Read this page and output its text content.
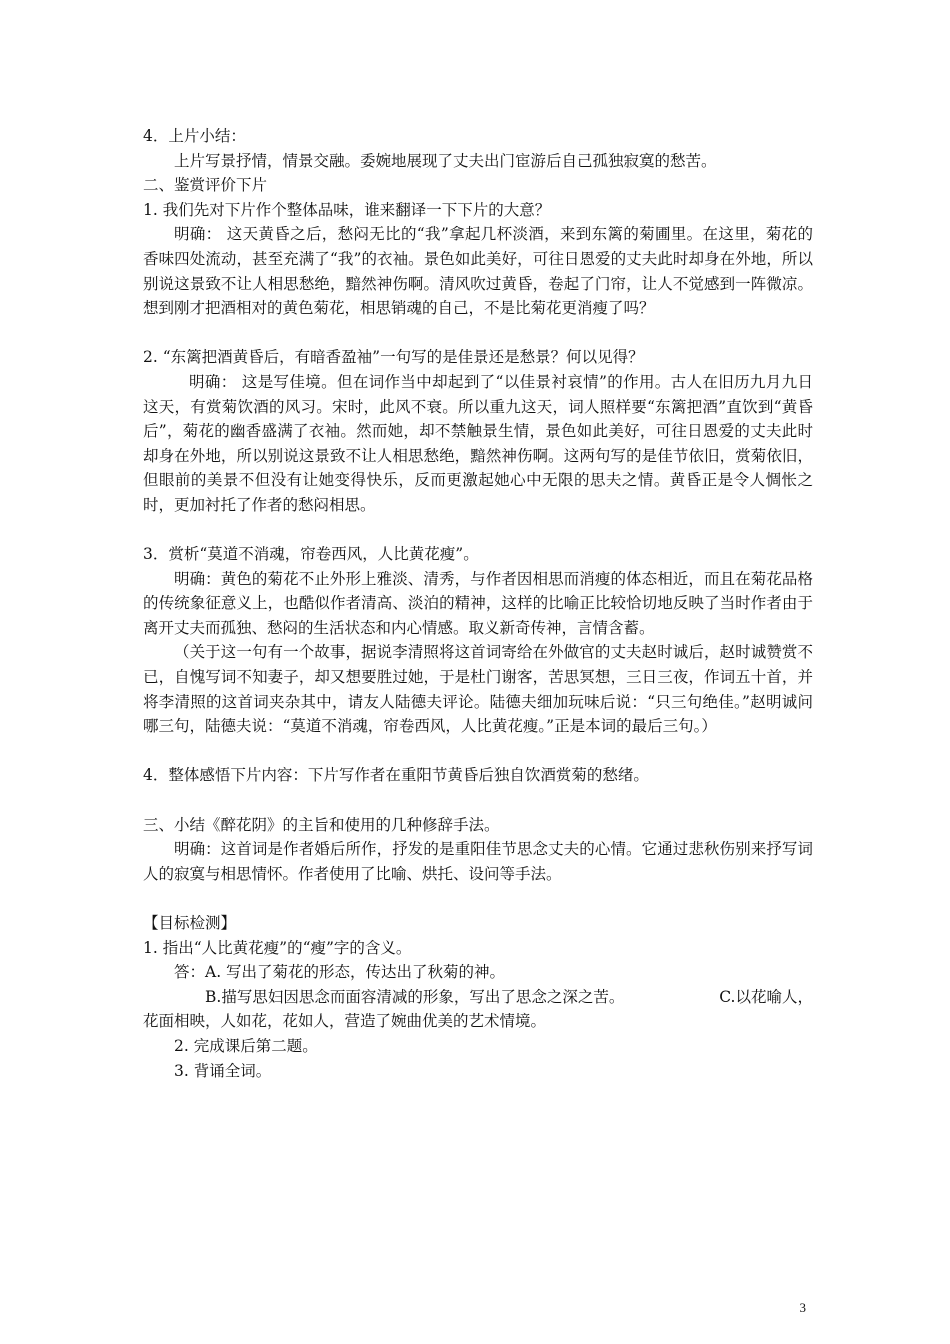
4．上片小结：

上片写景抒情，情景交融。委婉地展现了丈夫出门宦游后自己孤独寂寞的愁苦。

二、鉴赏评价下片

1. 我们先对下片作个整体品味，谁来翻译一下下片的大意？

明确： 这天黄昏之后，愁闷无比的“我”拿起几杯淡酒，来到东篱的菊圃里。在这里，菊花的香味四处流动，甚至充满了“我”的衣袖。景色如此美好，可往日恩爱的丈夫此时却身在外地，所以别说这景致不让人相思愁绝，黯然神伤啊。清风吹过黄昏，卷起了门帘，让人不觉感到一阵微凉。想到刚才把酒相对的黄色菊花，相思销魂的自己，不是比菊花更消瘦了吗？

2. “东篱把酒黄昏后，有暗香盈袖”一句写的是佳景还是愁景？何以见得？

明确： 这是写佳境。但在词作当中却起到了“以佳景衬哀情”的作用。古人在旧历九月九日这天，有赏菊饮酒的风习。宋时，此风不衰。所以重九这天，词人照样要“东篱把酒”直饮到“黄昏后”，菊花的幽香盛满了衣袖。然而她，却不禁触景生情，景色如此美好，可往日恩爱的丈夫此时却身在外地，所以别说这景致不让人相思愁绝，黯然神伤啊。这两句写的是佳节依旧，赏菊依旧，但眼前的美景不但没有让她变得快乐，反而更激起她心中无限的思夫之情。黄昏正是令人惆怅之时，更加衬托了作者的愁闷相思。

3．赏析“莫道不消魂，帘卷西风，人比黄花瘦”。

明确：黄色的菊花不止外形上雅淡、清秀，与作者因相思而消瘦的体态相近，而且在菊花品格的传统象征意义上，也酷似作者清高、淡泊的精神，这样的比喻正比较恰切地反映了当时作者由于离开丈夫而孤独、愁闷的生活状态和内心情感。取义新奇传神，言情含蓄。

（关于这一句有一个故事，据说李清照将这首词寄给在外做官的丈夫赵时诚后，赵时诚赞赏不已，自愧写词不知妻子，却又想要胜过她，于是杜门谢客，苦思冥想，三日三夜，作词五十首，并将李清照的这首词夹杂其中，请友人陆德夫评论。陆德夫细加玩味后说：“只三句绝佳。”赵明诚问哪三句，陆德夫说：“莫道不消魂，帘卷西风，人比黄花瘦。”正是本词的最后三句。）

4．整体感悟下片内容：下片写作者在重阳节黄昏后独自饮酒赏菊的愁绪。

三、小结《醉花阴》的主旨和使用的几种修辞手法。

明确：这首词是作者婚后所作，抒发的是重阳佳节思念丈夫的心情。它通过悲秋伤别来抒写词人的寂寞与相思情怀。作者使用了比喻、烘托、设问等手法。

【目标检测】

1. 指出“人比黄花瘦”的“瘦”字的含义。

答：A. 写出了菊花的形态，传达出了秋菊的神。

B.描写思妇因思念而面容清减的形象，写出了思念之深之苦。	C.以花喻人，

花面相映，人如花，花如人，营造了婉曲优美的艺术情境。

2. 完成课后第二题。

3. 背诵全词。

3
